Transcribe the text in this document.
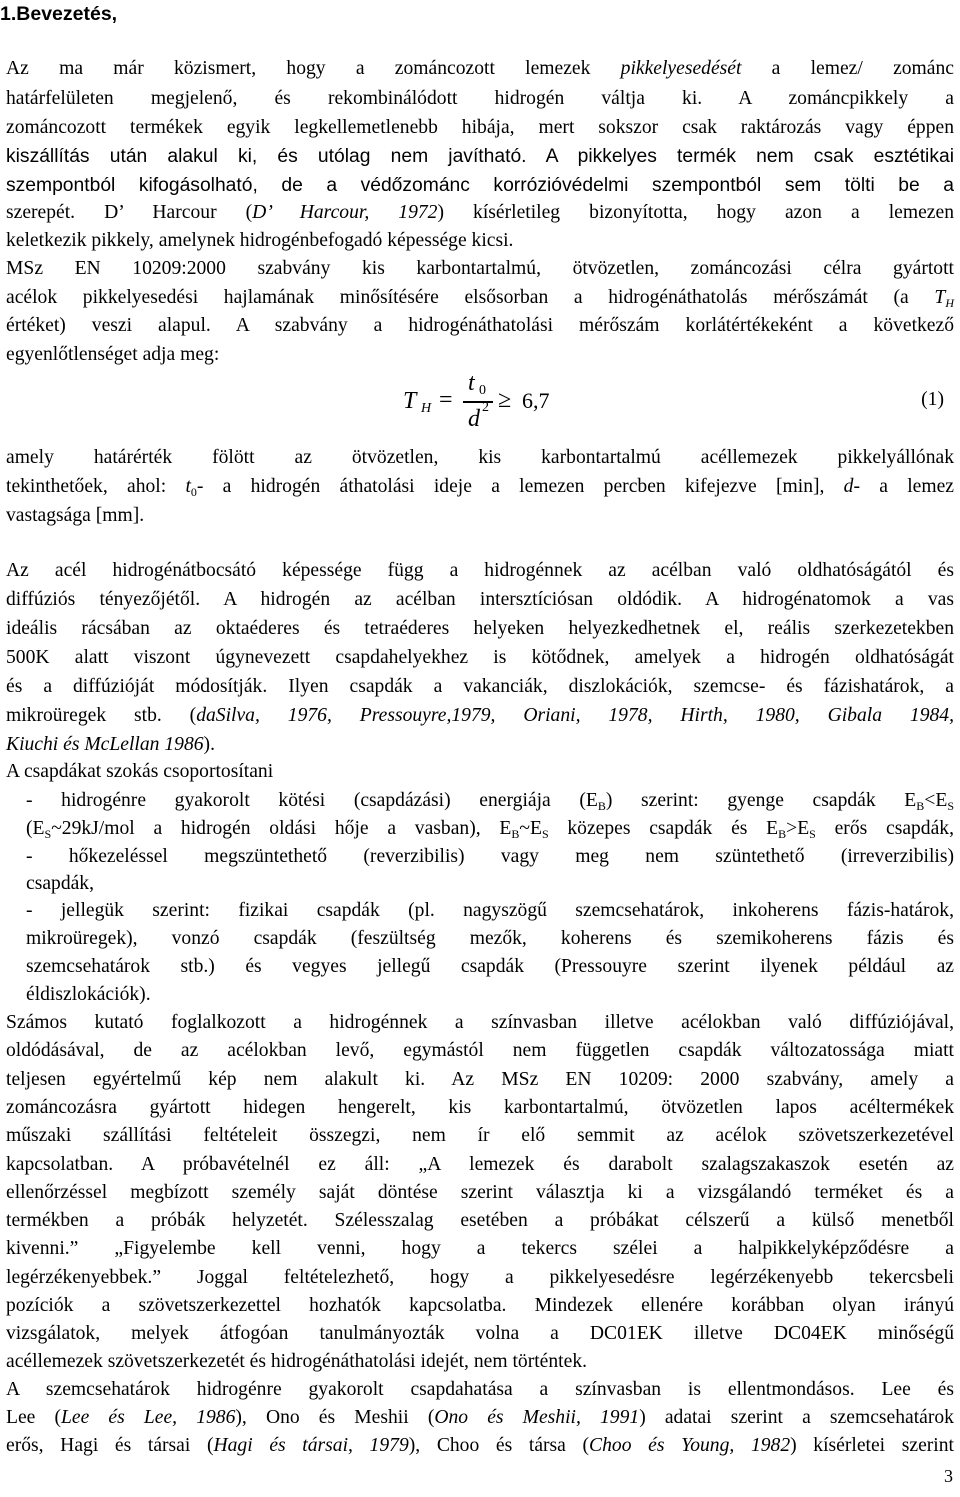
1.Bevezetés,
Az ma már közismert, hogy a zománcozott lemezek pikkelyesedését a lemez/ zománc
határfelületen megjelenő, és rekombinálódott hidrogén váltja ki. A zománcpikkely a
zománcozott termékek egyik legkellemetlenebb hibája, mert sokszor csak raktározás vagy éppen
kiszállítás után alakul ki, és utólag nem javítható. A pikkelyes termék nem csak esztétikai
szempontból kifogásolható, de a védőzománc korrózióvédelmi szempontból sem tölti be a
szerepét. D’ Harcour (D’ Harcour, 1972) kísérletileg bizonyította, hogy azon a lemezen
keletkezik pikkely, amelynek hidrogénbefogadó képessége kicsi.
MSz EN 10209:2000 szabvány kis karbontartalmú, ötvözetlen, zománcozási célra gyártott
acélok pikkelyesedési hajlamának minősítésére elsősorban a hidrogénáthatolás mérőszámát (a $T_H$
értéket) veszi alapul. A szabvány a hidrogénáthatolási mérőszám korlátértékeként a következő
egyenlőtlenséget adja meg:
T H =
t 0
d 2 ≥ 6,7	(1)
amely határérték fölött az ötvözetlen, kis karbontartalmú acéllemezek pikkelyállónak
tekinthetőek, ahol: $t_0-$ a hidrogén áthatolási ideje a lemezen percben kifejezve [min], d- a lemez
vastagsága [mm].
Az acél hidrogénátbocsátó képessége függ a hidrogénnek az acélban való oldhatóságától és
diffúziós tényezőjétől. A hidrogén az acélban intersztíciósan oldódik. A hidrogénatomok a vas
ideális rácsában az oktaéderes és tetraéderes helyeken helyezkedhetnek el, reális szerkezetekben
500K alatt viszont úgynevezett csapdahelyekhez is kötődnek, amelyek a hidrogén oldhatóságát
és a diffúzióját módosítják. Ilyen csapdák a vakanciák, diszlokációk, szemcse- és fázishatárok, a
mikroüregek stb. (daSilva, 1976, Pressouyre,1979, Oriani, 1978, Hirth, 1980, Gibala 1984,
Kiuchi és McLellan 1986).
A csapdákat szokás csoportosítani
- hidrogénre gyakorolt kötési (csapdázási) energiája $(E_B)$ szerint: gyenge csapdák $E_B<E_S$
($E_S\sim 29kJ$/mol a hidrogén oldási hője a vasban), $E_B\sim E_S$ közepes csapdák és $E_B>E_S$ erős csapdák,
- hőkezeléssel megszüntethető (reverzibilis) vagy meg nem szüntethető (irreverzibilis)
csapdák,
- jellegük szerint: fizikai csapdák (pl. nagyszögű szemcsehatárok, inkoherens fázis-határok,
mikroüregek), vonzó csapdák (feszültség mezők, koherens és szemikoherens fázis és
szemcsehatárok stb.) és vegyes jellegű csapdák (Pressouyre szerint ilyenek például az
éldiszlokációk).
Számos kutató foglalkozott a hidrogénnek a színvasban illetve acélokban való diffúziójával,
oldódásával, de az acélokban levő, egymástól nem független csapdák változatossága miatt
teljesen egyértelmű kép nem alakult ki. Az MSz EN 10209: 2000 szabvány, amely a
zománcozásra gyártott hidegen hengerelt, kis karbontartalmú, ötvözetlen lapos acéltermékek
műszaki szállítási feltételeit összegzi, nem ír elő semmit az acélok szövetszerkezetével
kapcsolatban. A próbavételnél ez áll: „A lemezek és darabolt szalagszakaszok esetén az
ellenőrzéssel megbízott személy saját döntése szerint választja ki a vizsgálandó terméket és a
termékben a próbák helyzetét. Szélesszalag esetében a próbákat célszerű a külső menetből
kivenni.” „Figyelembe kell venni, hogy a tekercs szélei a halpikkelyképződésre a
legérzékenyebbek.” Joggal feltételezhető, hogy a pikkelyesedésre legérzékenyebb tekercsbeli
pozíciók a szövetszerkezettel hozhatók kapcsolatba. Mindezek ellenére korábban olyan irányú
vizsgálatok, melyek átfogóan tanulmányozták volna a DC01EK illetve DC04EK minőségű
acéllemezek szövetszerkezetét és hidrogénáthatolási idejét, nem történtek.
A szemcsehatárok hidrogénre gyakorolt csapdahatása a színvasban is ellentmondásos. Lee és
Lee (Lee és Lee, 1986), Ono és Meshii (Ono és Meshii, 1991) adatai szerint a szemcsehatárok
erős, Hagi és társai (Hagi és társai, 1979), Choo és társa (Choo és Young, 1982) kísérletei szerint
3
